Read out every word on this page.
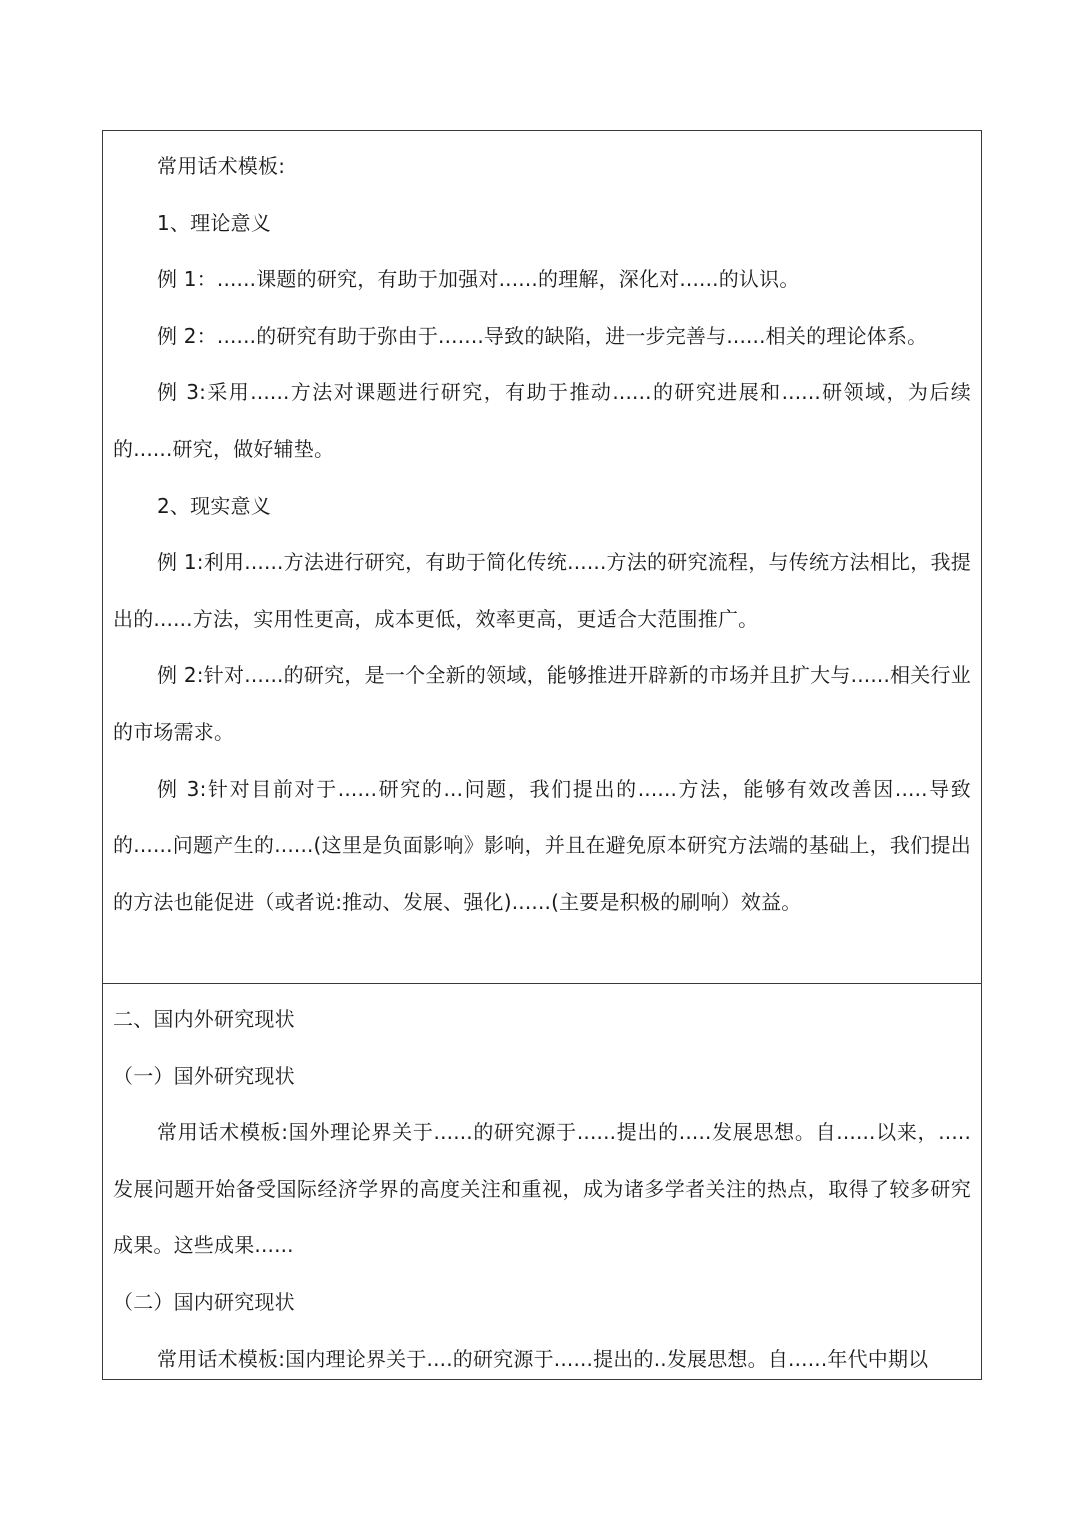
常用话术模板:

1、理论意义

例 1：......课题的研究，有助于加强对......的理解，深化对......的认识。

例 2：......的研究有助于弥由于.......导致的缺陷，进一步完善与......相关的理论体系。

例 3:采用......方法对课题进行研究，有助于推动......的研究进展和......研领域，为后续的......研究，做好辅垫。

2、现实意义

例 1:利用......方法进行研究，有助于简化传统......方法的研究流程，与传统方法相比，我提出的......方法，实用性更高，成本更低，效率更高，更适合大范围推广。

例 2:针对......的研究，是一个全新的领域，能够推进开辟新的市场并且扩大与......相关行业的市场需求。

例 3:针对目前对于......研究的...问题，我们提出的......方法，能够有效改善因.....导致的......问题产生的......(这里是负面影响》影响，并且在避免原本研究方法端的基础上，我们提出的方法也能促进（或者说:推动、发展、强化)......(主要是积极的刷响）效益。

二、国内外研究现状

（一）国外研究现状

常用话术模板:国外理论界关于......的研究源于......提出的.....发展思想。自......以来，.....发展问题开始备受国际经济学界的高度关注和重视，成为诸多学者关注的热点，取得了较多研究成果。这些成果......

（二）国内研究现状

常用话术模板:国内理论界关于....的研究源于......提出的..发展思想。自......年代中期以
